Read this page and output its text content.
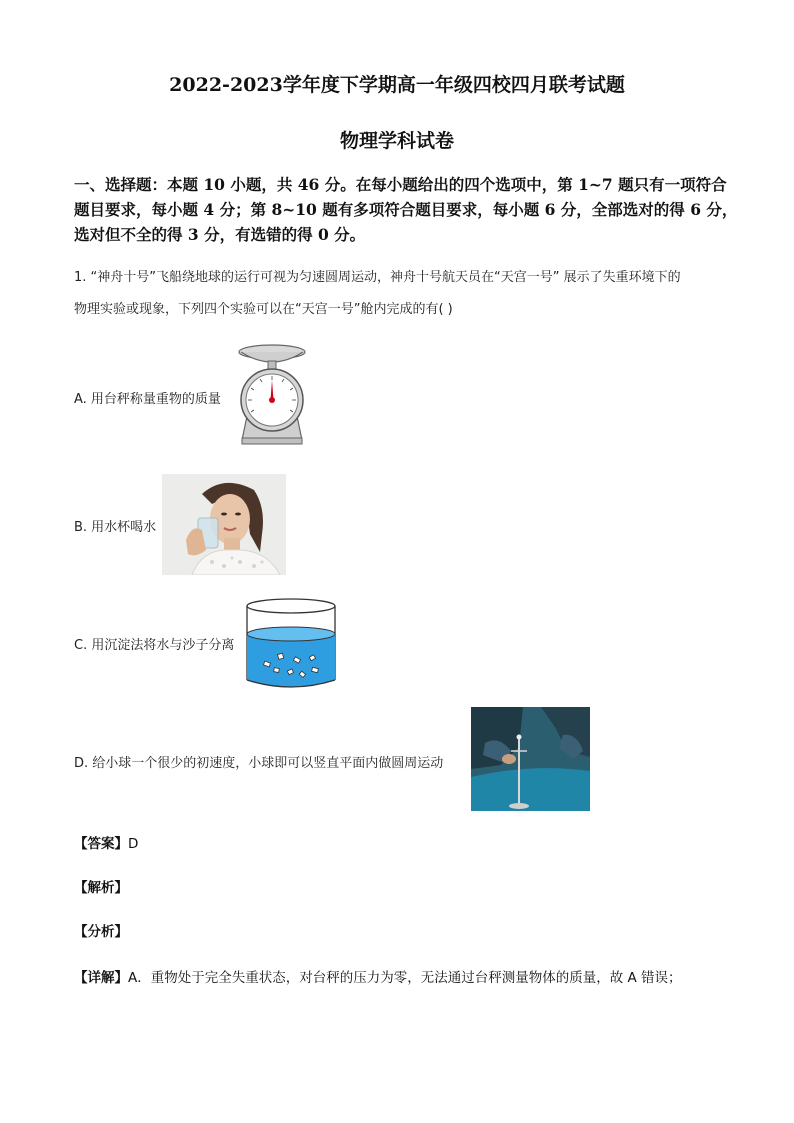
2022-2023学年度下学期高一年级四校四月联考试题
物理学科试卷
一、选择题：本题 10 小题，共 46 分。在每小题给出的四个选项中，第 1~7 题只有一项符合
题目要求，每小题 4 分；第 8~10 题有多项符合题目要求，每小题 6 分，全部选对的得 6 分，
选对但不全的得 3 分，有选错的得 0 分。
1. “神舟十号”飞船绕地球的运行可视为匀速圆周运动，神舟十号航天员在“天宫一号” 展示了失重环境下的
物理实验或现象，下列四个实验可以在“天宫一号”舱内完成的有( )
A. 用台秤称量重物的质量
B. 用水杯喝水
C. 用沉淀法将水与沙子分离
D. 给小球一个很少的初速度，小球即可以竖直平面内做圆周运动
【答案】D
【解析】
【分析】
【详解】A．重物处于完全失重状态，对台秤的压力为零，无法通过台秤测量物体的质量，故 A 错误；
